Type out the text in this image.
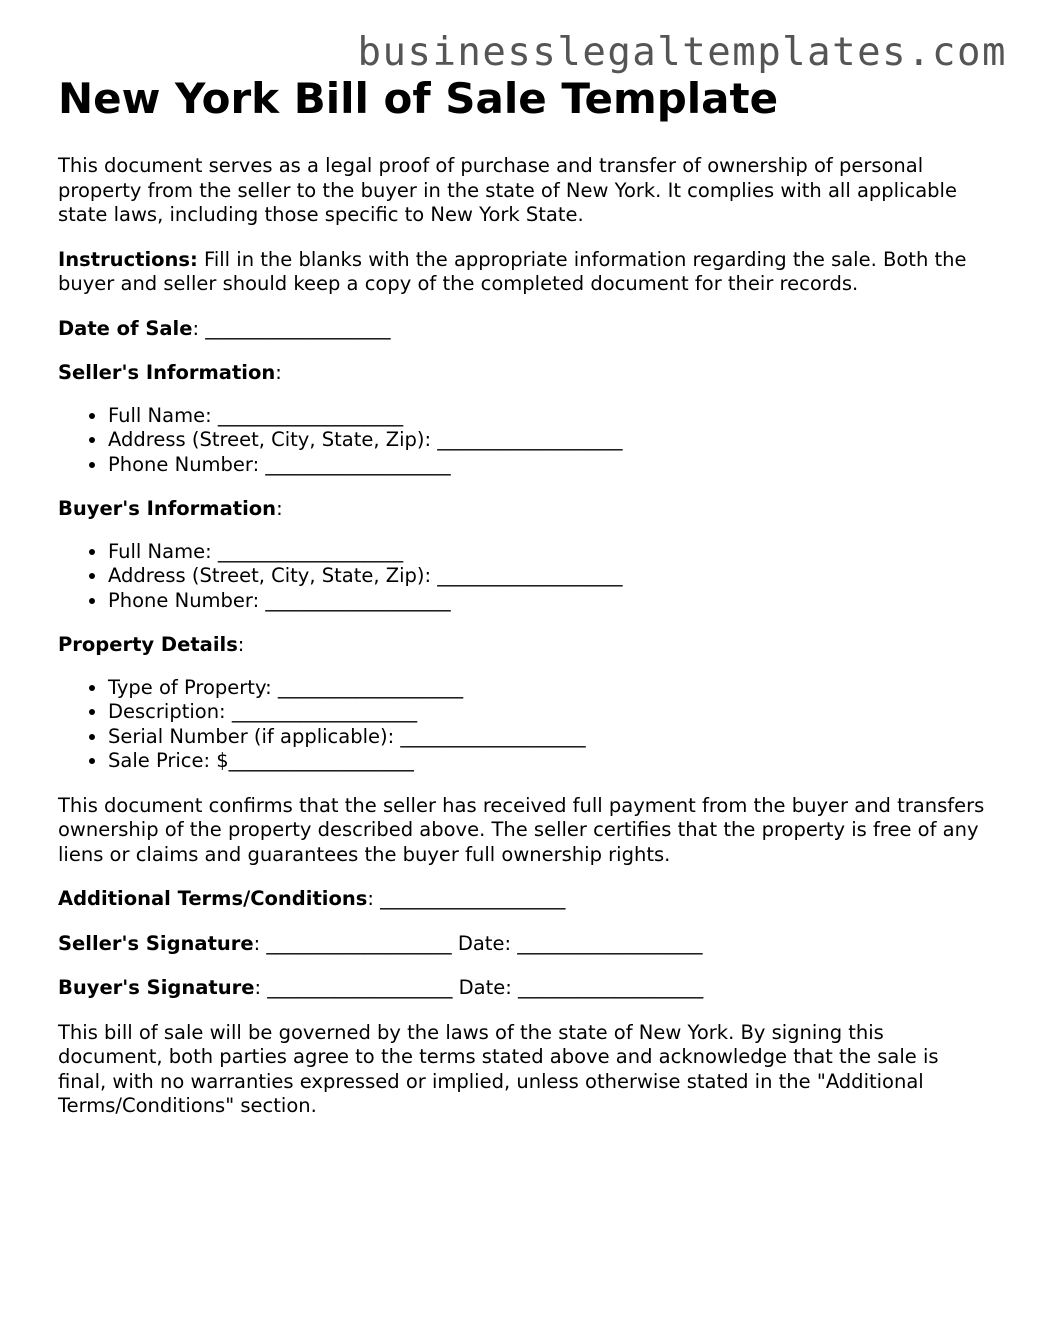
businesslegaltemplates.com
New York Bill of Sale Template

This document serves as a legal proof of purchase and transfer of ownership of personal property from the seller to the buyer in the state of New York. It complies with all applicable state laws, including those specific to New York State.

Instructions: Fill in the blanks with the appropriate information regarding the sale. Both the buyer and seller should keep a copy of the completed document for their records.

Date of Sale: ___________________

Seller's Information:

• Full Name: ___________________
• Address (Street, City, State, Zip): ___________________
• Phone Number: ___________________

Buyer's Information:

• Full Name: ___________________
• Address (Street, City, State, Zip): ___________________
• Phone Number: ___________________

Property Details:

• Type of Property: ___________________
• Description: ___________________
• Serial Number (if applicable): ___________________
• Sale Price: $___________________

This document confirms that the seller has received full payment from the buyer and transfers ownership of the property described above. The seller certifies that the property is free of any liens or claims and guarantees the buyer full ownership rights.

Additional Terms/Conditions: ___________________

Seller's Signature: ___________________ Date: ___________________

Buyer's Signature: ___________________ Date: ___________________

This bill of sale will be governed by the laws of the state of New York. By signing this document, both parties agree to the terms stated above and acknowledge that the sale is final, with no warranties expressed or implied, unless otherwise stated in the "Additional Terms/Conditions" section.
